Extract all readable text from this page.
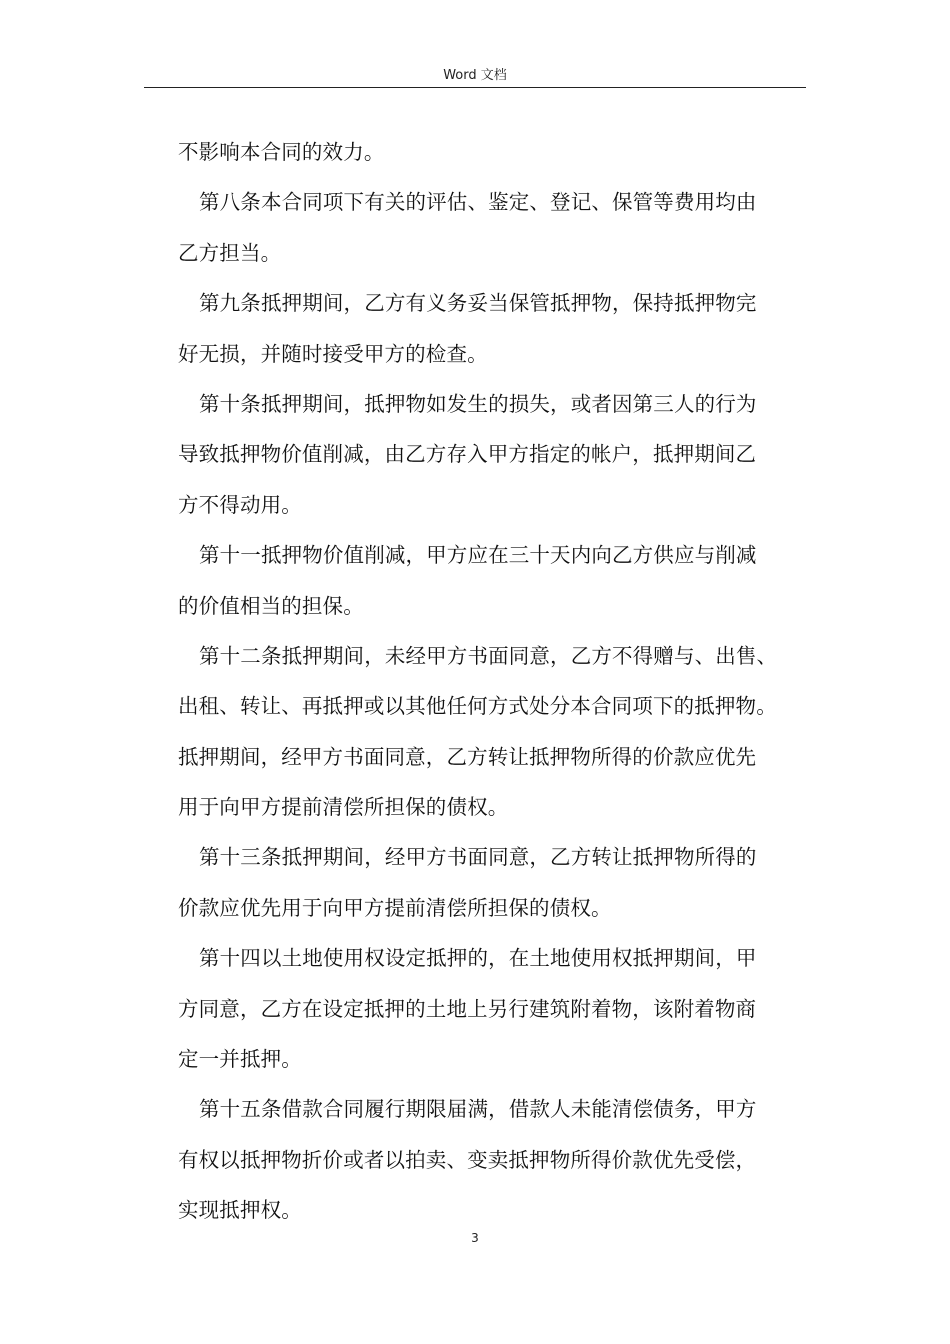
Word 文档
不影响本合同的效力。
第八条本合同项下有关的评估、鉴定、登记、保管等费用均由
乙方担当。
第九条抵押期间，乙方有义务妥当保管抵押物，保持抵押物完
好无损，并随时接受甲方的检查。
第十条抵押期间，抵押物如发生的损失，或者因第三人的行为
导致抵押物价值削减，由乙方存入甲方指定的帐户，抵押期间乙
方不得动用。
第十一抵押物价值削减，甲方应在三十天内向乙方供应与削减
的价值相当的担保。
第十二条抵押期间，未经甲方书面同意，乙方不得赠与、出售、
出租、转让、再抵押或以其他任何方式处分本合同项下的抵押物。
抵押期间，经甲方书面同意，乙方转让抵押物所得的价款应优先
用于向甲方提前清偿所担保的债权。
第十三条抵押期间，经甲方书面同意，乙方转让抵押物所得的
价款应优先用于向甲方提前清偿所担保的债权。
第十四以土地使用权设定抵押的，在土地使用权抵押期间，甲
方同意，乙方在设定抵押的土地上另行建筑附着物，该附着物商
定一并抵押。
第十五条借款合同履行期限届满，借款人未能清偿债务，甲方
有权以抵押物折价或者以拍卖、变卖抵押物所得价款优先受偿，
实现抵押权。
3
